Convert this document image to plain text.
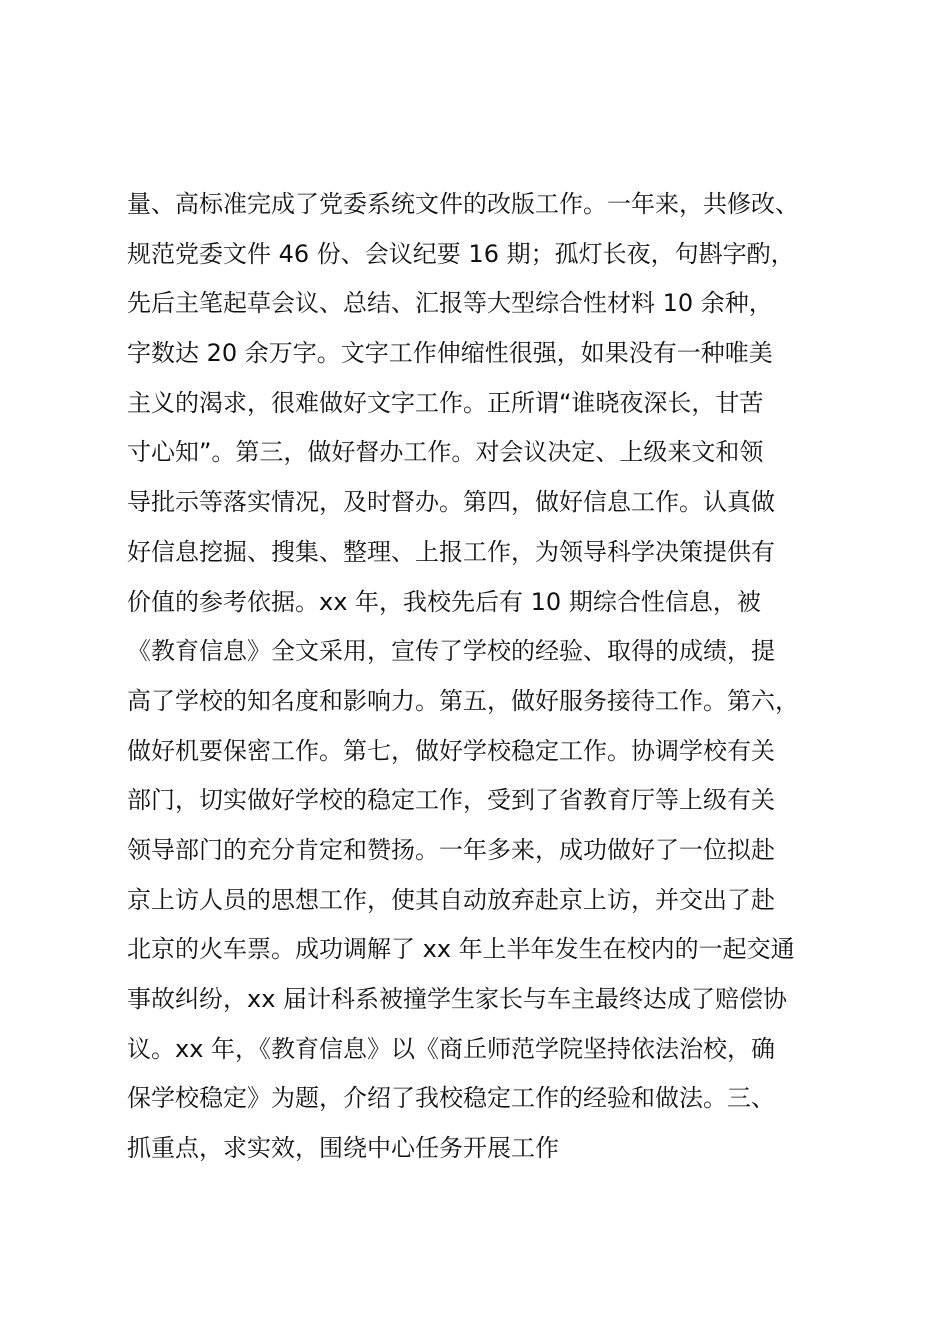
量、高标准完成了党委系统文件的改版工作。一年来，共修改、
规范党委文件 46 份、会议纪要 16 期；孤灯长夜，句斟字酌，
先后主笔起草会议、总结、汇报等大型综合性材料 10 余种，
字数达 20 余万字。文字工作伸缩性很强，如果没有一种唯美
主义的渴求，很难做好文字工作。正所谓“谁晓夜深长，甘苦
寸心知”。第三，做好督办工作。对会议决定、上级来文和领
导批示等落实情况，及时督办。第四，做好信息工作。认真做
好信息挖掘、搜集、整理、上报工作，为领导科学决策提供有
价值的参考依据。xx 年，我校先后有 10 期综合性信息，被
《教育信息》全文采用，宣传了学校的经验、取得的成绩，提
高了学校的知名度和影响力。第五，做好服务接待工作。第六，
做好机要保密工作。第七，做好学校稳定工作。协调学校有关
部门，切实做好学校的稳定工作，受到了省教育厅等上级有关
领导部门的充分肯定和赞扬。一年多来，成功做好了一位拟赴
京上访人员的思想工作，使其自动放弃赴京上访，并交出了赴
北京的火车票。成功调解了 xx 年上半年发生在校内的一起交通
事故纠纷，xx 届计科系被撞学生家长与车主最终达成了赔偿协
议。xx 年，《教育信息》以《商丘师范学院坚持依法治校，确
保学校稳定》为题，介绍了我校稳定工作的经验和做法。三、
抓重点，求实效，围绕中心任务开展工作
